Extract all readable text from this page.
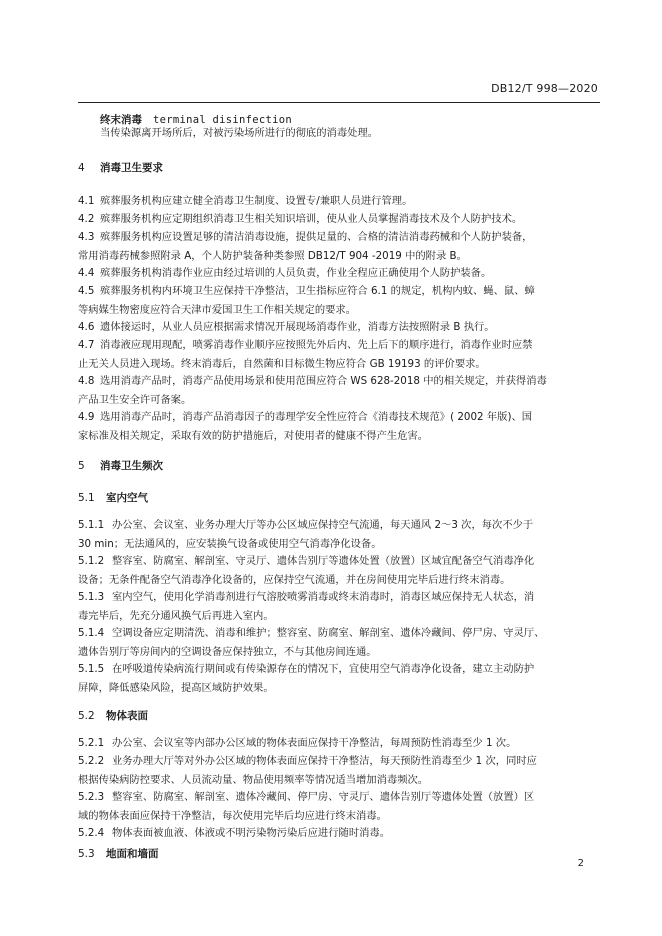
DB12/T 998—2020
终末消毒 terminal disinfection
当传染源离开场所后，对被污染场所进行的彻底的消毒处理。
4 消毒卫生要求
4.1 殡葬服务机构应建立健全消毒卫生制度、设置专/兼职人员进行管理。
4.2 殡葬服务机构应定期组织消毒卫生相关知识培训，使从业人员掌握消毒技术及个人防护技术。
4.3 殡葬服务机构应设置足够的清洁消毒设施，提供足量的、合格的清洁消毒药械和个人防护装备，
常用消毒药械参照附录 A，个人防护装备种类参照 DB12/T 904 -2019 中的附录 B。
4.4 殡葬服务机构消毒作业应由经过培训的人员负责，作业全程应正确使用个人防护装备。
4.5 殡葬服务机构内环境卫生应保持干净整洁，卫生指标应符合 6.1 的规定，机构内蚊、蝇、鼠、蟑
等病媒生物密度应符合天津市爱国卫生工作相关规定的要求。
4.6 遗体接运时，从业人员应根据需求情况开展现场消毒作业，消毒方法按照附录 B 执行。
4.7 消毒液应现用现配，喷雾消毒作业顺序应按照先外后内、先上后下的顺序进行，消毒作业时应禁
止无关人员进入现场。终末消毒后，自然菌和目标微生物应符合 GB 19193 的评价要求。
4.8 选用消毒产品时，消毒产品使用场景和使用范围应符合 WS 628-2018 中的相关规定，并获得消毒
产品卫生安全许可备案。
4.9 选用消毒产品时，消毒产品消毒因子的毒理学安全性应符合《消毒技术规范》( 2002 年版)、国
家标准及相关规定，采取有效的防护措施后，对使用者的健康不得产生危害。
5 消毒卫生频次
5.1 室内空气
5.1.1 办公室、会议室、业务办理大厅等办公区域应保持空气流通，每天通风 2～3 次，每次不少于
30 min；无法通风的，应安装换气设备或使用空气消毒净化设备。
5.1.2 整容室、防腐室、解剖室、守灵厅、遗体告别厅等遗体处置（放置）区域宜配备空气消毒净化
设备；无条件配备空气消毒净化设备的，应保持空气流通，并在房间使用完毕后进行终末消毒。
5.1.3 室内空气，使用化学消毒剂进行气溶胶喷雾消毒或终末消毒时，消毒区域应保持无人状态，消
毒完毕后，先充分通风换气后再进入室内。
5.1.4 空调设备应定期清洗、消毒和维护；整容室、防腐室、解剖室、遗体冷藏间、停尸房、守灵厅、
遗体告别厅等房间内的空调设备应保持独立，不与其他房间连通。
5.1.5 在呼吸道传染病流行期间或有传染源存在的情况下，宜使用空气消毒净化设备，建立主动防护
屏障，降低感染风险，提高区域防护效果。
5.2 物体表面
5.2.1 办公室、会议室等内部办公区域的物体表面应保持干净整洁，每周预防性消毒至少 1 次。
5.2.2 业务办理大厅等对外办公区域的物体表面应保持干净整洁，每天预防性消毒至少 1 次，同时应
根据传染病防控要求、人员流动量、物品使用频率等情况适当增加消毒频次。
5.2.3 整容室、防腐室、解剖室、遗体冷藏间、停尸房、守灵厅、遗体告别厅等遗体处置（放置）区
域的物体表面应保持干净整洁，每次使用完毕后均应进行终末消毒。
5.2.4 物体表面被血液、体液或不明污染物污染后应进行随时消毒。
5.3 地面和墙面
2
